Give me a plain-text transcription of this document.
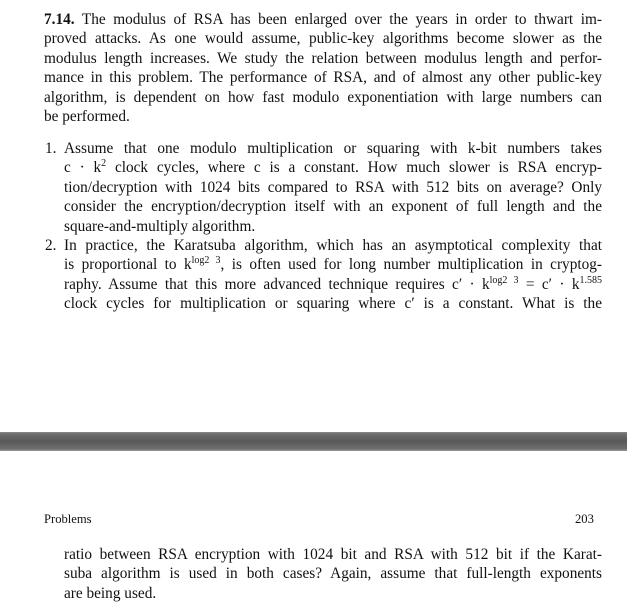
7.14. The modulus of RSA has been enlarged over the years in order to thwart im-
proved attacks. As one would assume, public-key algorithms become slower as the
modulus length increases. We study the relation between modulus length and perfor-
mance in this problem. The performance of RSA, and of almost any other public-key
algorithm, is dependent on how fast modulo exponentiation with large numbers can
be performed.
1. Assume that one modulo multiplication or squaring with k-bit numbers takes
$c \cdot k^2$ clock cycles, where c is a constant. How much slower is RSA encryp-
tion/decryption with 1024 bits compared to RSA with 512 bits on average? Only
consider the encryption/decryption itself with an exponent of full length and the
square-and-multiply algorithm.
2. In practice, the Karatsuba algorithm, which has an asymptotical complexity that
is proportional to $k^{log2 3}$, is often used for long number multiplication in cryptog-
raphy. Assume that this more advanced technique requires $c' \cdot k^{log2 3} = c' \cdot k^{1.585}$
clock cycles for multiplication or squaring where c′ is a constant. What is the
Problems	203
ratio between RSA encryption with 1024 bit and RSA with 512 bit if the Karat-
suba algorithm is used in both cases? Again, assume that full-length exponents
are being used.
